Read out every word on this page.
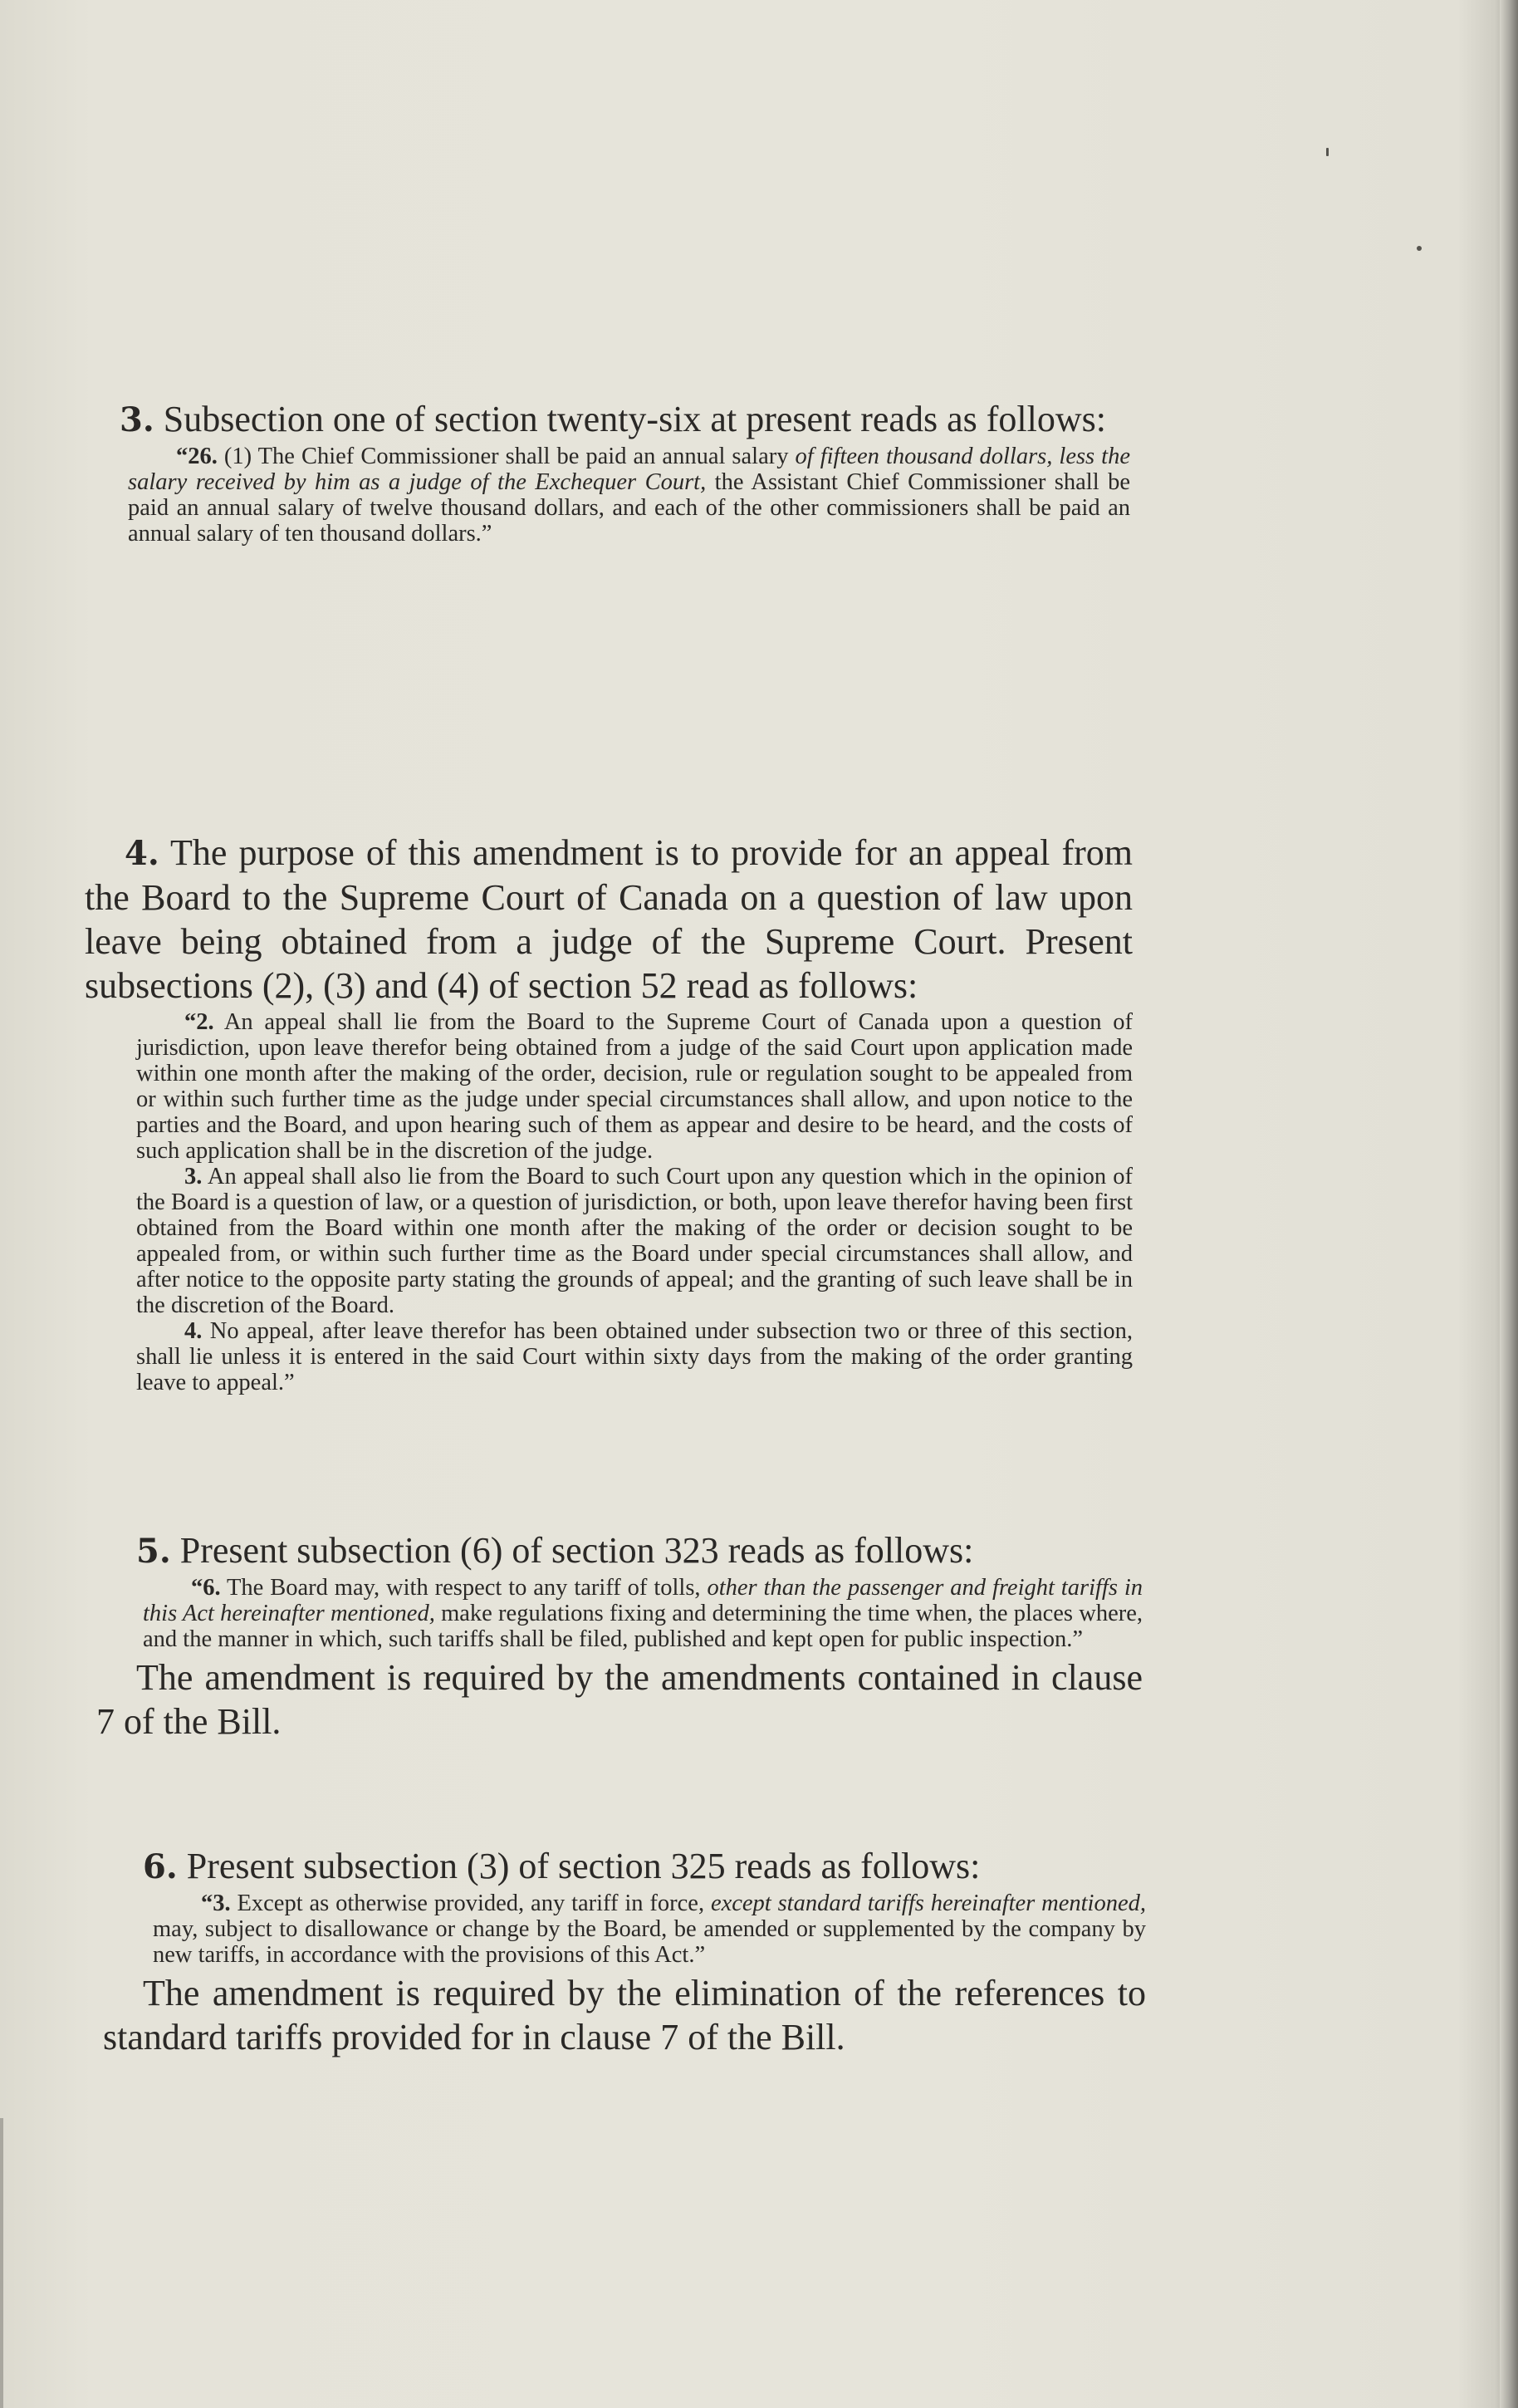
3. Subsection one of section twenty-six at present reads as follows:

“26. (1) The Chief Commissioner shall be paid an annual salary of fifteen thousand dollars, less the salary received by him as a judge of the Exchequer Court, the Assistant Chief Commissioner shall be paid an annual salary of twelve thousand dollars, and each of the other commissioners shall be paid an annual salary of ten thousand dollars.”

4. The purpose of this amendment is to provide for an appeal from the Board to the Supreme Court of Canada on a question of law upon leave being obtained from a judge of the Supreme Court. Present subsections (2), (3) and (4) of section 52 read as follows:

“2. An appeal shall lie from the Board to the Supreme Court of Canada upon a question of jurisdiction, upon leave therefor being obtained from a judge of the said Court upon application made within one month after the making of the order, decision, rule or regulation sought to be appealed from or within such further time as the judge under special circumstances shall allow, and upon notice to the parties and the Board, and upon hearing such of them as appear and desire to be heard, and the costs of such application shall be in the discretion of the judge.

3. An appeal shall also lie from the Board to such Court upon any question which in the opinion of the Board is a question of law, or a question of jurisdiction, or both, upon leave therefor having been first obtained from the Board within one month after the making of the order or decision sought to be appealed from, or within such further time as the Board under special circumstances shall allow, and after notice to the opposite party stating the grounds of appeal; and the granting of such leave shall be in the discretion of the Board.

4. No appeal, after leave therefor has been obtained under subsection two or three of this section, shall lie unless it is entered in the said Court within sixty days from the making of the order granting leave to appeal.”

5. Present subsection (6) of section 323 reads as follows:

“6. The Board may, with respect to any tariff of tolls, other than the passenger and freight tariffs in this Act hereinafter mentioned, make regulations fixing and determining the time when, the places where, and the manner in which, such tariffs shall be filed, published and kept open for public inspection.”

The amendment is required by the amendments contained in clause 7 of the Bill.

6. Present subsection (3) of section 325 reads as follows:

“3. Except as otherwise provided, any tariff in force, except standard tariffs hereinafter mentioned, may, subject to disallowance or change by the Board, be amended or supplemented by the company by new tariffs, in accordance with the provisions of this Act.”

The amendment is required by the elimination of the references to standard tariffs provided for in clause 7 of the Bill.
